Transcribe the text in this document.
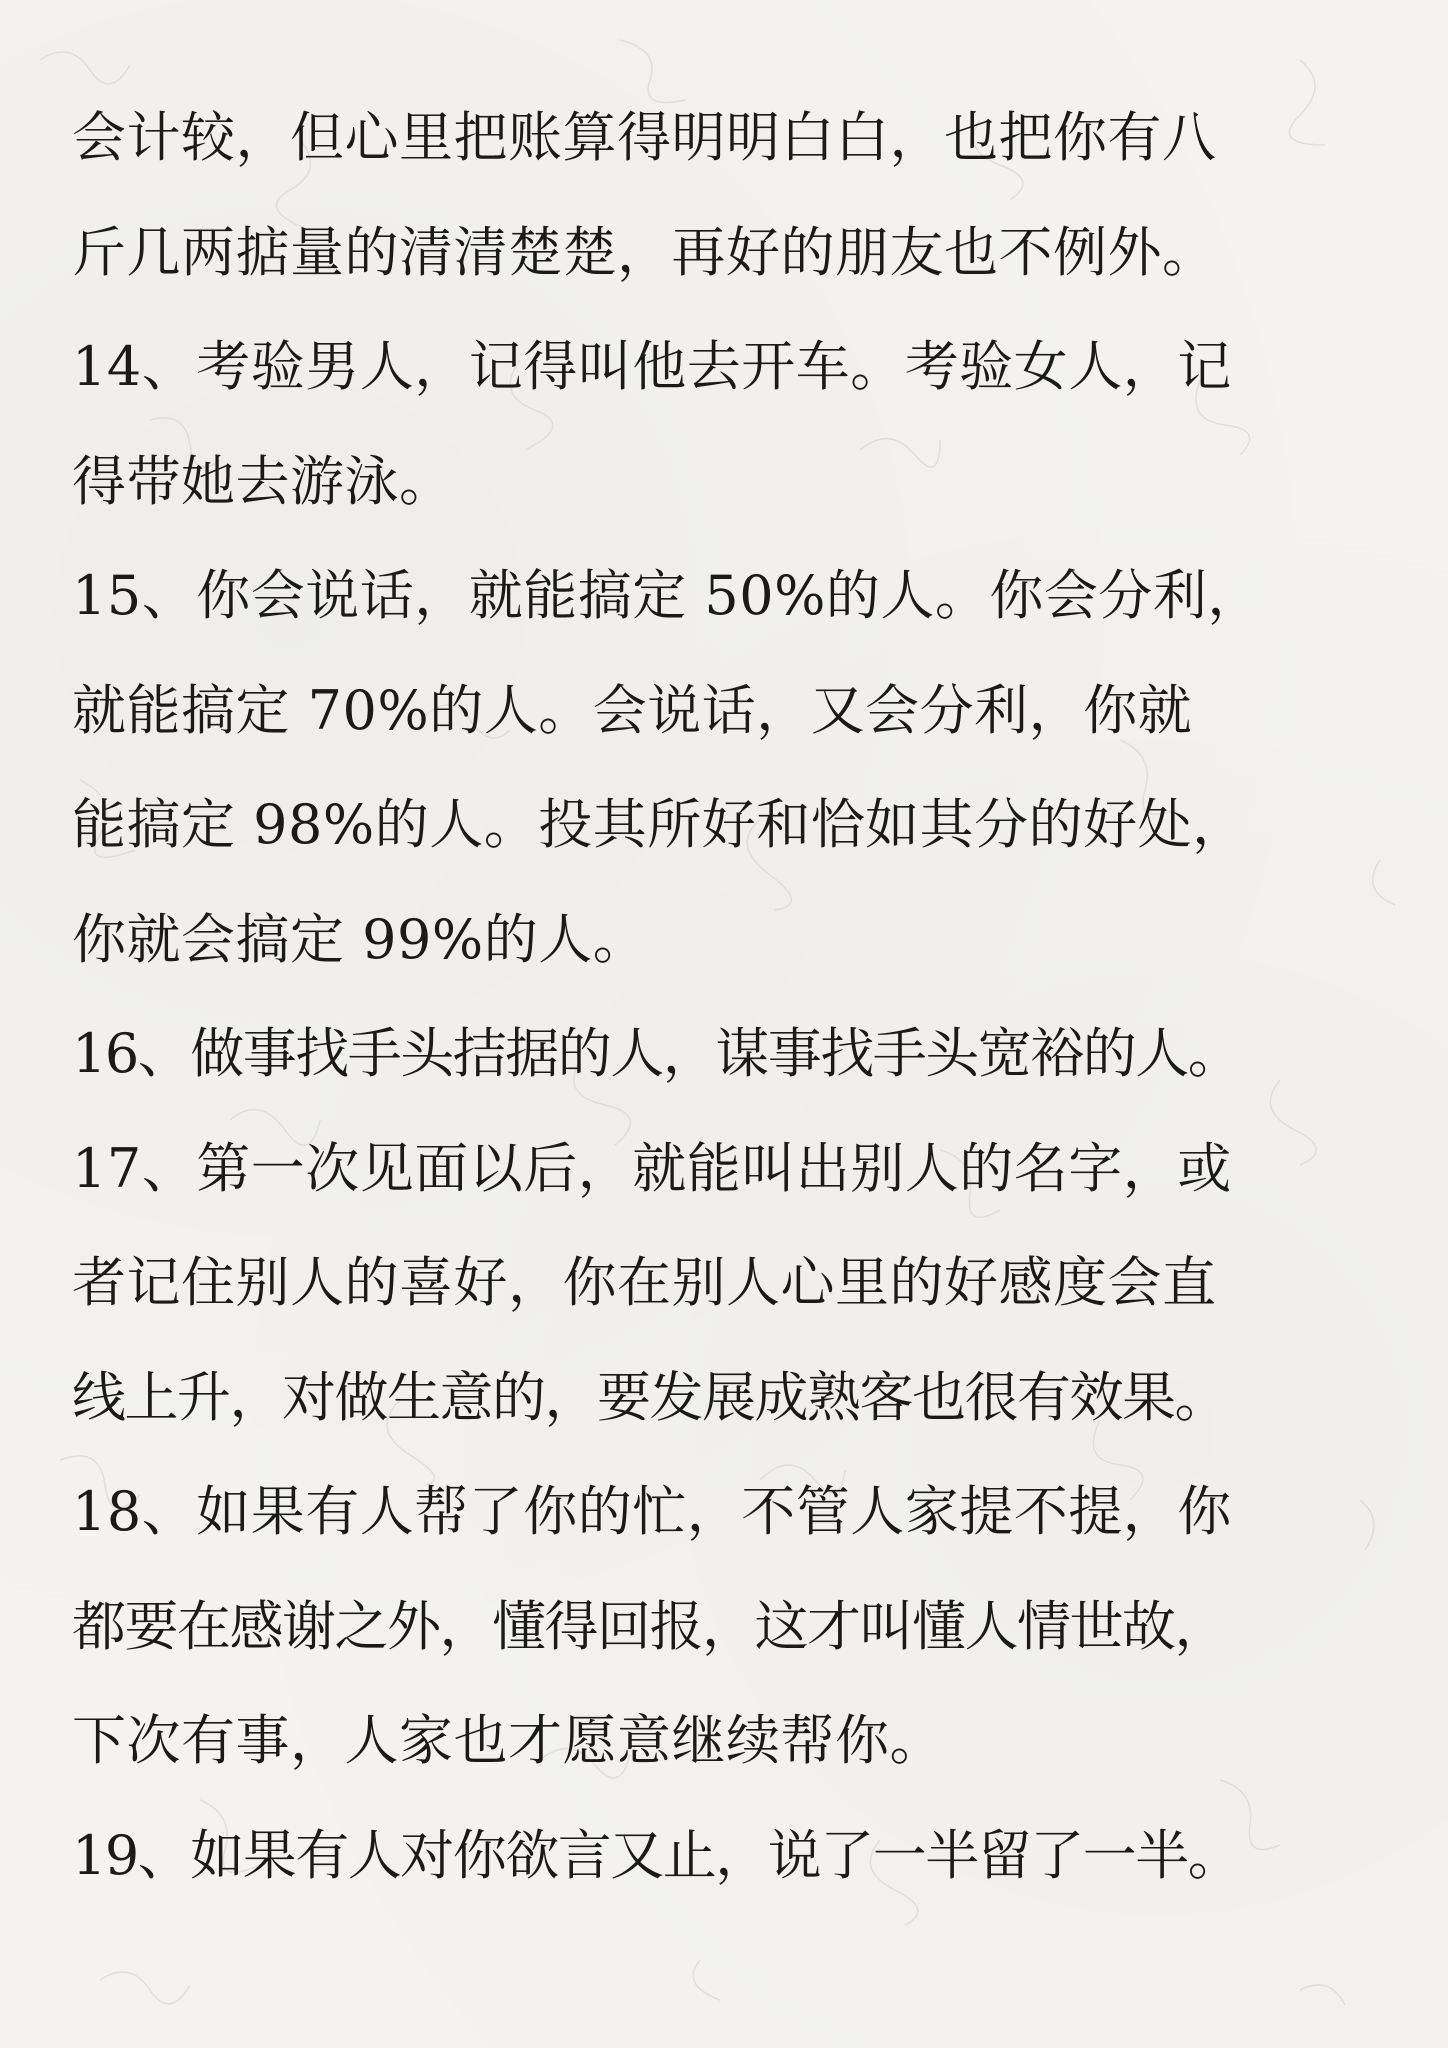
会计较，但心里把账算得明明白白，也把你有八
斤几两掂量的清清楚楚，再好的朋友也不例外。
14、考验男人，记得叫他去开车。考验女人，记
得带她去游泳。
15、你会说话，就能搞定 50%的人。你会分利，
就能搞定 70%的人。会说话，又会分利，你就
能搞定 98%的人。投其所好和恰如其分的好处，
你就会搞定 99%的人。
16、做事找手头拮据的人，谋事找手头宽裕的人。
17、第一次见面以后，就能叫出别人的名字，或
者记住别人的喜好，你在别人心里的好感度会直
线上升，对做生意的，要发展成熟客也很有效果。
18、如果有人帮了你的忙，不管人家提不提，你
都要在感谢之外，懂得回报，这才叫懂人情世故，
下次有事，人家也才愿意继续帮你。
19、如果有人对你欲言又止，说了一半留了一半。
